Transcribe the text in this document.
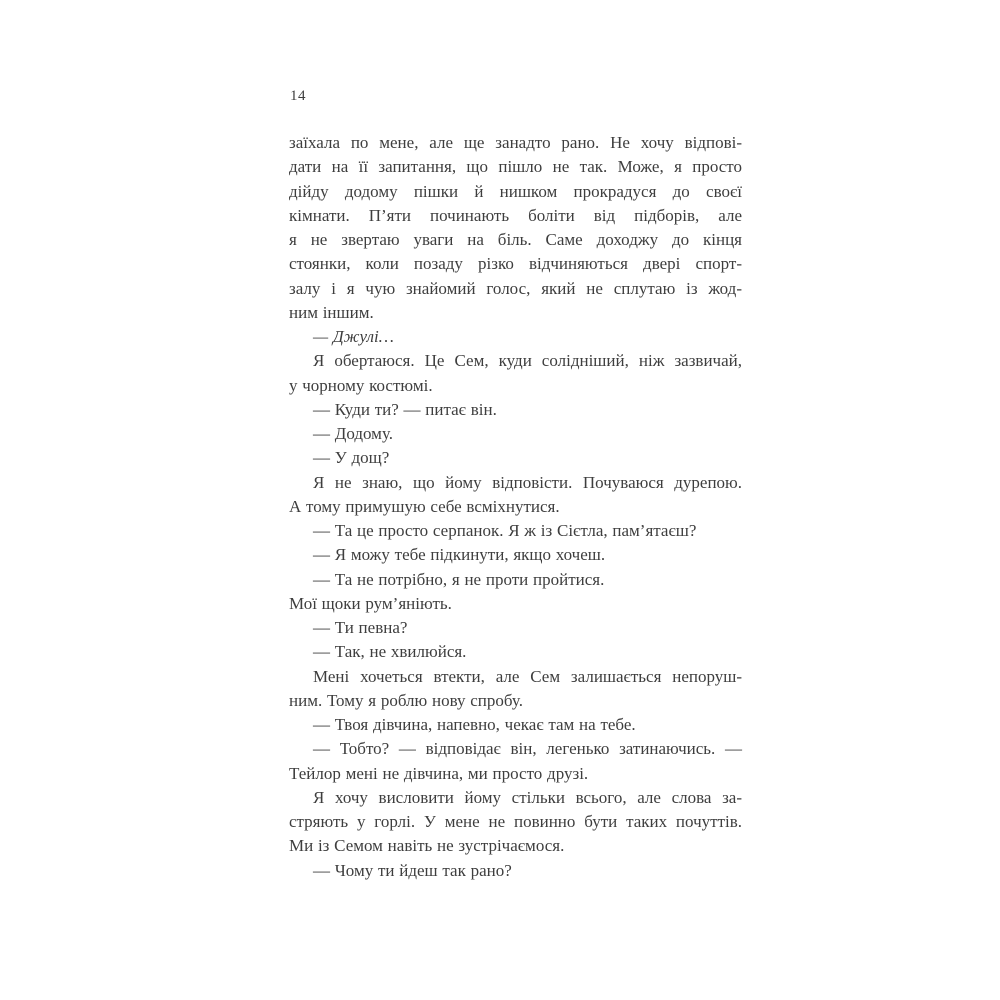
14
заїхала по мене, але ще занадто рано. Не хочу відпові-
дати на її запитання, що пішло не так. Може, я просто
дійду додому пішки й нишком прокрадуся до своєї
кімнати. П’яти починають боліти від підборів, але
я не звертаю уваги на біль. Саме доходжу до кінця
стоянки, коли позаду різко відчиняються двері спорт-
залу і я чую знайомий голос, який не сплутаю із жод-
ним іншим.
— Джулі…
Я обертаюся. Це Сем, куди солідніший, ніж зазвичай,
у чорному костюмі.
— Куди ти? — питає він.
— Додому.
— У дощ?
Я не знаю, що йому відповісти. Почуваюся дурепою.
А тому примушую себе всміхнутися.
— Та це просто серпанок. Я ж із Сієтла, пам’ятаєш?
— Я можу тебе підкинути, якщо хочеш.
— Та не потрібно, я не проти пройтися.
Мої щоки рум’яніють.
— Ти певна?
— Так, не хвилюйся.
Мені хочеться втекти, але Сем залишається непоруш-
ним. Тому я роблю нову спробу.
— Твоя дівчина, напевно, чекає там на тебе.
— Тобто? — відповідає він, легенько затинаючись. —
Тейлор мені не дівчина, ми просто друзі.
Я хочу висловити йому стільки всього, але слова за-
стряють у горлі. У мене не повинно бути таких почуттів.
Ми із Семом навіть не зустрічаємося.
— Чому ти йдеш так рано?
